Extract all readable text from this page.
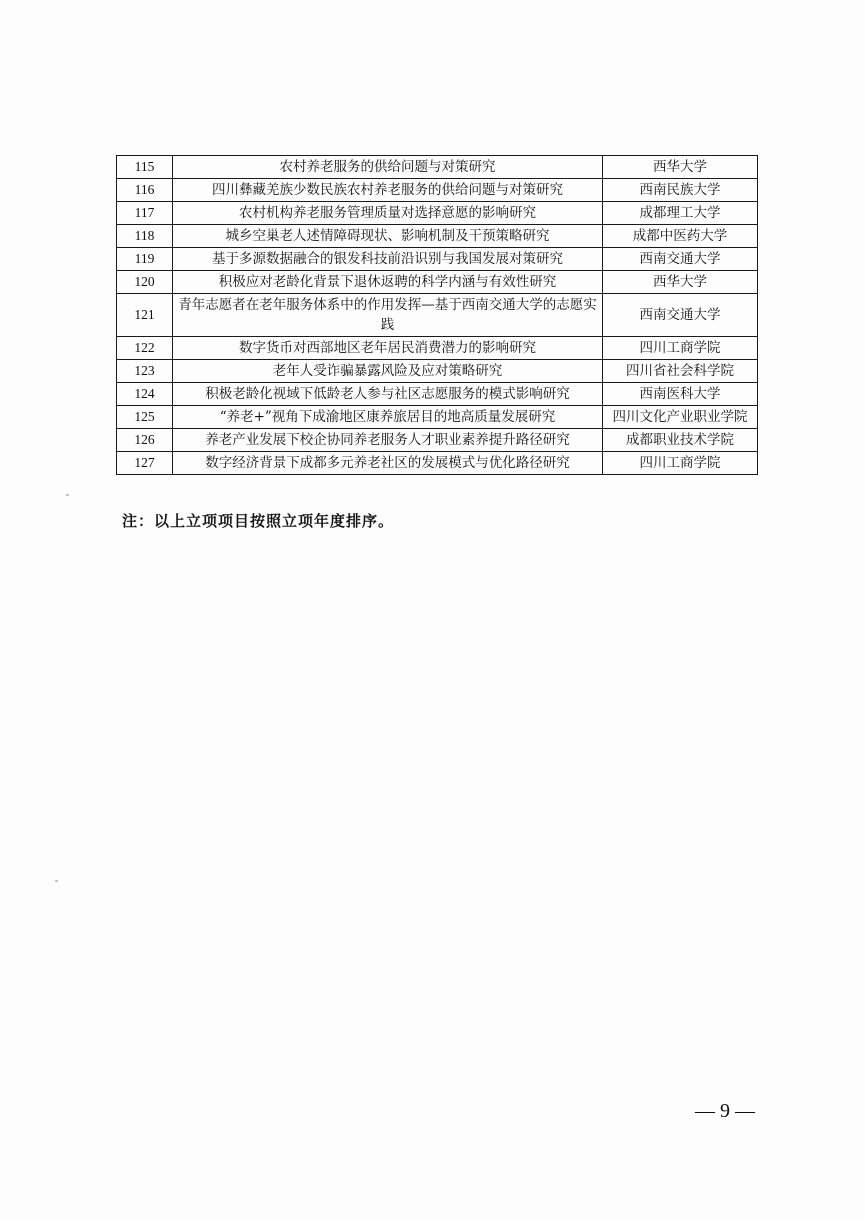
115	农村养老服务的供给问题与对策研究	西华大学
116	四川彝藏羌族少数民族农村养老服务的供给问题与对策研究	西南民族大学
117	农村机构养老服务管理质量对选择意愿的影响研究	成都理工大学
118	城乡空巢老人述情障碍现状、影响机制及干预策略研究	成都中医药大学
119	基于多源数据融合的银发科技前沿识别与我国发展对策研究	西南交通大学
120	积极应对老龄化背景下退休返聘的科学内涵与有效性研究	西华大学
121	青年志愿者在老年服务体系中的作用发挥—基于西南交通大学的志愿实践	西南交通大学
122	数字货币对西部地区老年居民消费潜力的影响研究	四川工商学院
123	老年人受诈骗暴露风险及应对策略研究	四川省社会科学院
124	积极老龄化视域下低龄老人参与社区志愿服务的模式影响研究	西南医科大学
125	“养老+”视角下成渝地区康养旅居目的地高质量发展研究	四川文化产业职业学院
126	养老产业发展下校企协同养老服务人才职业素养提升路径研究	成都职业技术学院
127	数字经济背景下成都多元养老社区的发展模式与优化路径研究	四川工商学院
注：以上立项项目按照立项年度排序。
— 9 —
